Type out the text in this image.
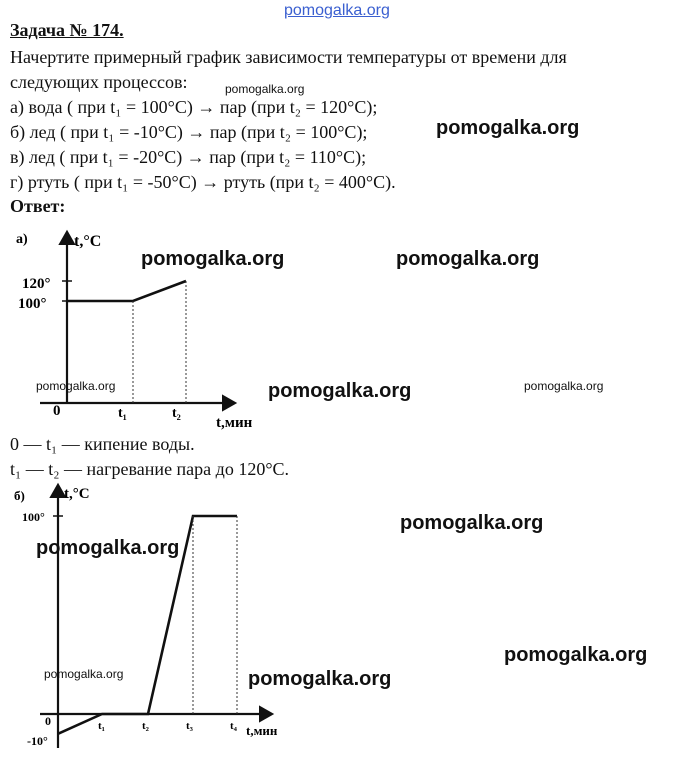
pomogalka.org
Задача № 174.
Начертите примерный график зависимости температуры от времени для
следующих процессов:
а) вода ( при t₁ = 100°С) → пар (при t₂ = 120°С);
б) лед ( при t₁ = -10°С) → пар (при t₂ = 100°С);
в) лед ( при t₁ = -20°С) → пар (при t₂ = 110°С);
г) ртуть ( при t₁ = -50°С) → ртуть (при t₂ = 400°С).
Ответ:
а)	t,°C
120°
100°
0	t₁	t₂
t,мин
0 — t₁ — кипение воды.
t₁ — t₂ — нагревание пара до 120°С.
б)	t,°C
100°
-10°
0	t₁	t₂	t₃	t₄ t,мин
pomogalka.org
pomogalka.org
pomogalka.org	pomogalka.org
pomogalka.org	pomogalka.org	pomogalka.org
pomogalka.org
pomogalka.org
pomogalka.org
pomogalka.org	pomogalka.org
